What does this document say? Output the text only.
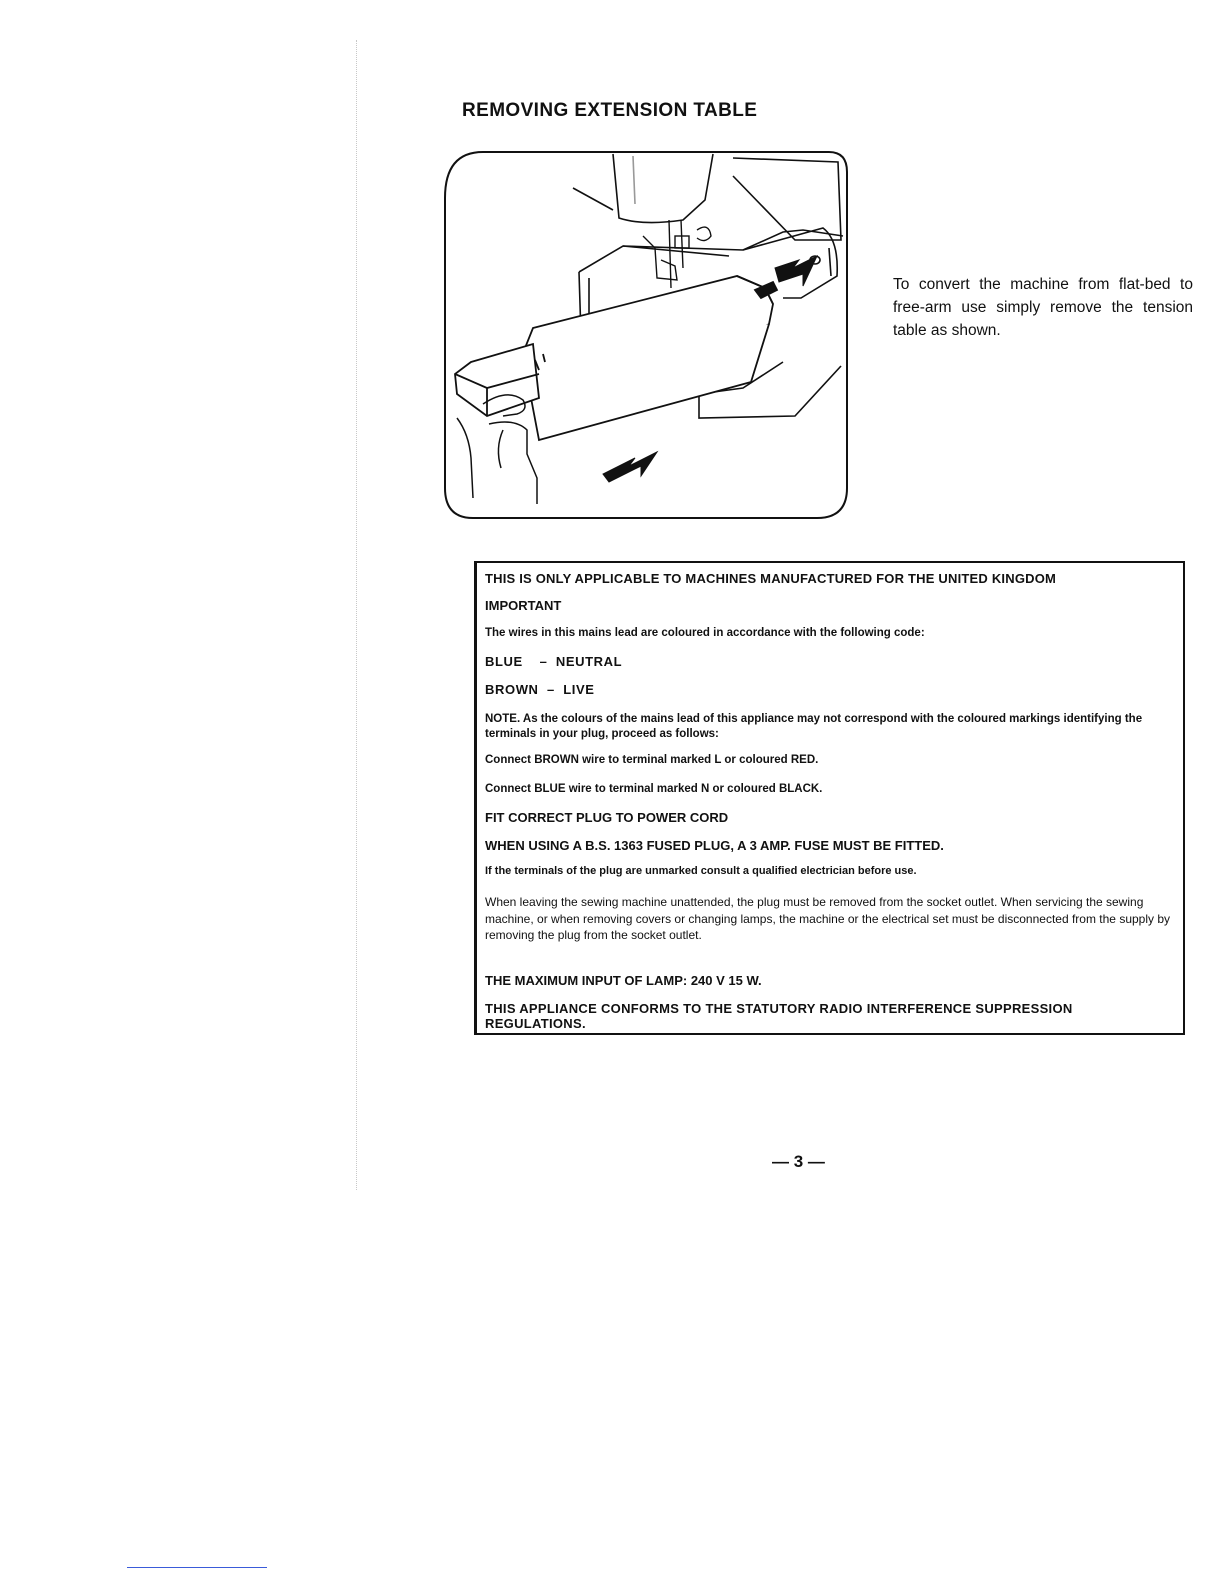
REMOVING EXTENSION TABLE

To convert the machine from flat-bed to free-arm use simply remove the tension table as shown.

THIS IS ONLY APPLICABLE TO MACHINES MANUFACTURED FOR THE UNITED KINGDOM

IMPORTANT

The wires in this mains lead are coloured in accordance with the following code:

BLUE    –  NEUTRAL

BROWN  –  LIVE

NOTE. As the colours of the mains lead of this appliance may not correspond with the coloured markings identifying the terminals in your plug, proceed as follows:

Connect BROWN wire to terminal marked L or coloured RED.

Connect BLUE wire to terminal marked N or coloured BLACK.

FIT CORRECT PLUG TO POWER CORD

WHEN USING A B.S. 1363 FUSED PLUG, A 3 AMP. FUSE MUST BE FITTED.

If the terminals of the plug are unmarked consult a qualified electrician before use.

When leaving the sewing machine unattended, the plug must be removed from the socket outlet. When servicing the sewing machine, or when removing covers or changing lamps, the machine or the electrical set must be disconnected from the supply by removing the plug from the socket outlet.

THE MAXIMUM INPUT OF LAMP: 240 V 15 W.

THIS APPLIANCE CONFORMS TO THE STATUTORY RADIO INTERFERENCE SUPPRESSION REGULATIONS.

— 3 —
